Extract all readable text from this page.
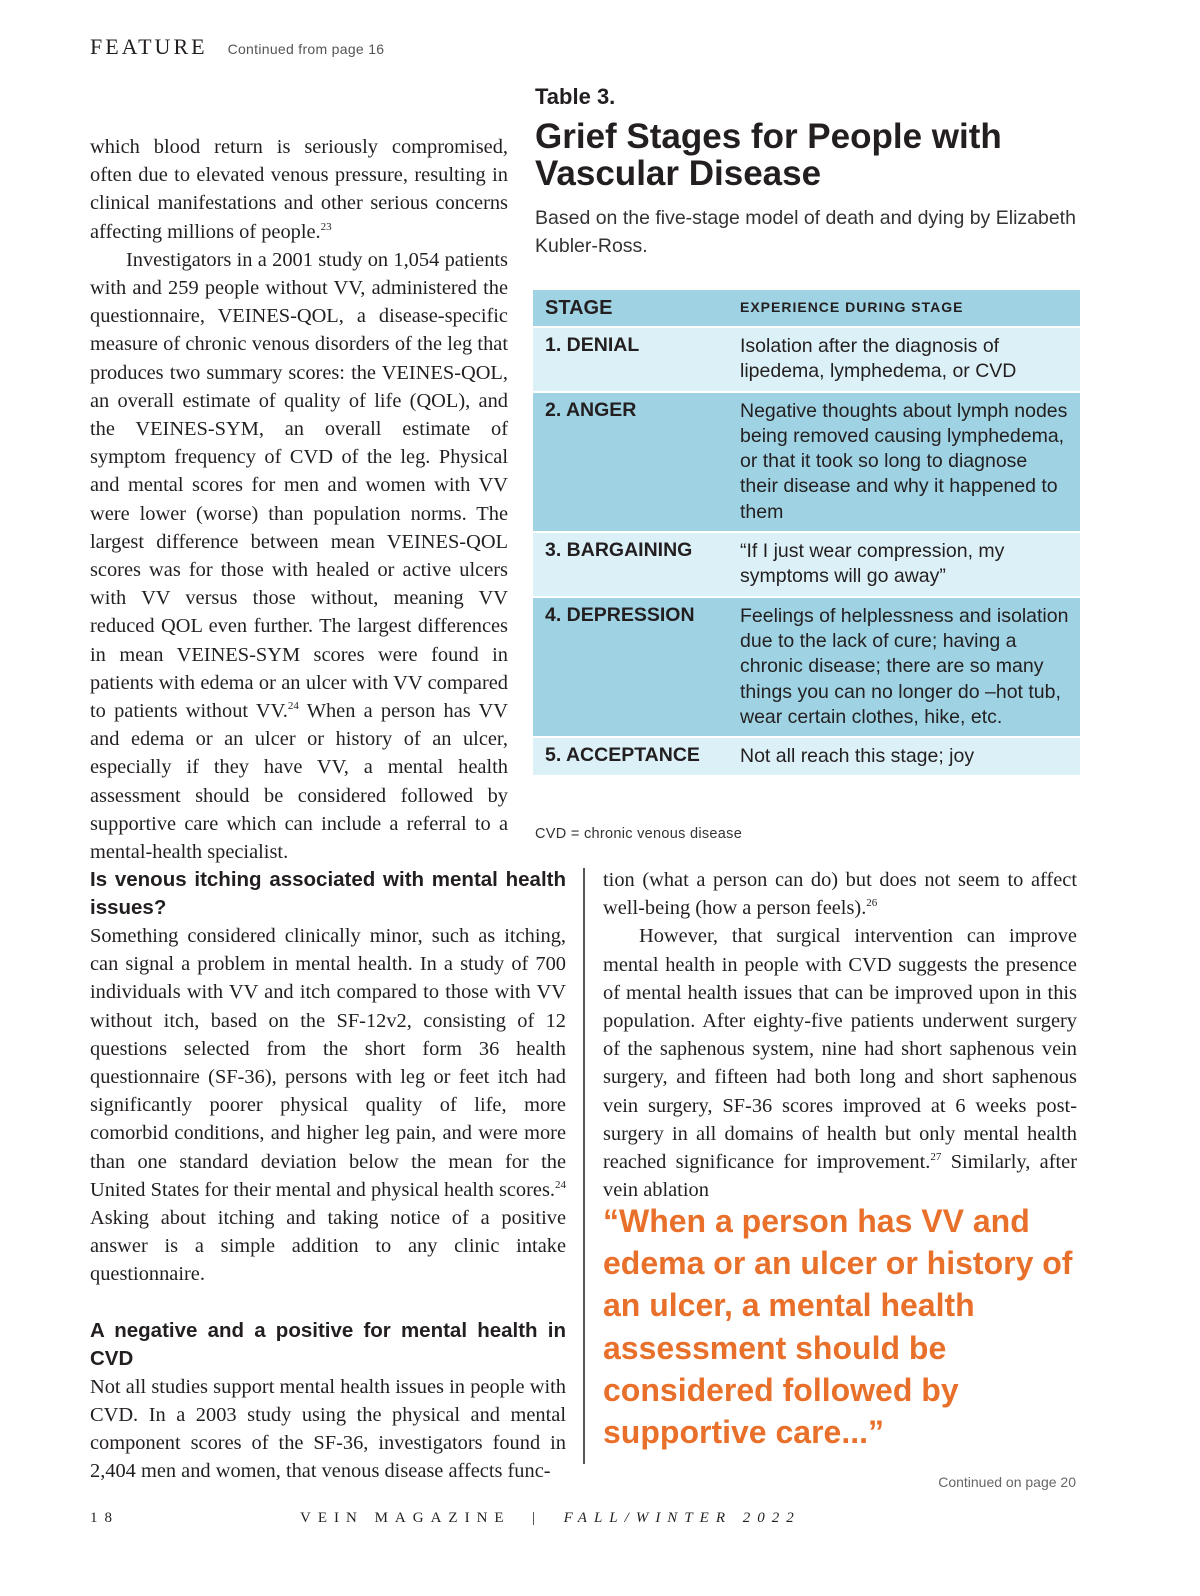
FEATURE Continued from page 16

which blood return is seriously compromised, often due to elevated venous pressure, resulting in clinical manifestations and other serious concerns affecting millions of people.$^{23}$

Investigators in a 2001 study on 1,054 patients with and 259 people without VV, administered the questionnaire, VEINES-QOL, a disease-specific measure of chronic venous disorders of the leg that produces two summary scores: the VEINES-QOL, an overall estimate of quality of life (QOL), and the VEINES-SYM, an overall estimate of symptom frequency of CVD of the leg. Physical and mental scores for men and women with VV were lower (worse) than population norms. The largest difference between mean VEINES-QOL scores was for those with healed or active ulcers with VV versus those without, meaning VV reduced QOL even further. The largest differences in mean VEINES-SYM scores were found in patients with edema or an ulcer with VV compared to patients without VV.$^{24}$ When a person has VV and edema or an ulcer or history of an ulcer, especially if they have VV, a mental health assessment should be considered followed by supportive care which can include a referral to a mental-health specialist.

Table 3.
Grief Stages for People with Vascular Disease
Based on the five-stage model of death and dying by Elizabeth Kubler-Ross.
STAGE	EXPERIENCE DURING STAGE
1. DENIAL	Isolation after the diagnosis of lipedema, lymphedema, or CVD
2. ANGER	Negative thoughts about lymph nodes being removed causing lymphedema, or that it took so long to diagnose their disease and why it happened to them
3. BARGAINING	“If I just wear compression, my symptoms will go away”
4. DEPRESSION	Feelings of helplessness and isolation due to the lack of cure; having a chronic disease; there are so many things you can no longer do –hot tub, wear certain clothes, hike, etc.
5. ACCEPTANCE	Not all reach this stage; joy
CVD = chronic venous disease
Is venous itching associated with mental health issues?

Something considered clinically minor, such as itching, can signal a problem in mental health. In a study of 700 individuals with VV and itch compared to those with VV without itch, based on the SF-12v2, consisting of 12 questions selected from the short form 36 health questionnaire (SF-36), persons with leg or feet itch had significantly poorer physical quality of life, more comorbid conditions, and higher leg pain, and were more than one standard deviation below the mean for the United States for their mental and physical health scores.$^{24}$ Asking about itching and taking notice of a positive answer is a simple addition to any clinic intake questionnaire.

A negative and a positive for mental health in CVD

Not all studies support mental health issues in people with CVD. In a 2003 study using the physical and mental component scores of the SF-36, investigators found in 2,404 men and women, that venous disease affects func-

tion (what a person can do) but does not seem to affect well-being (how a person feels).$^{26}$

However, that surgical intervention can improve mental health in people with CVD suggests the presence of mental health issues that can be improved upon in this population. After eighty-five patients underwent surgery of the saphenous system, nine had short saphenous vein surgery, and fifteen had both long and short saphenous vein surgery, SF-36 scores improved at 6 weeks post-surgery in all domains of health but only mental health reached significance for improvement.$^{27}$ Similarly, after vein ablation

“When a person has VV and edema or an ulcer or history of an ulcer, a mental health assessment should be considered followed by supportive care...”
Continued on page 20
18	VEIN MAGAZINE | FALL/WINTER 2022
